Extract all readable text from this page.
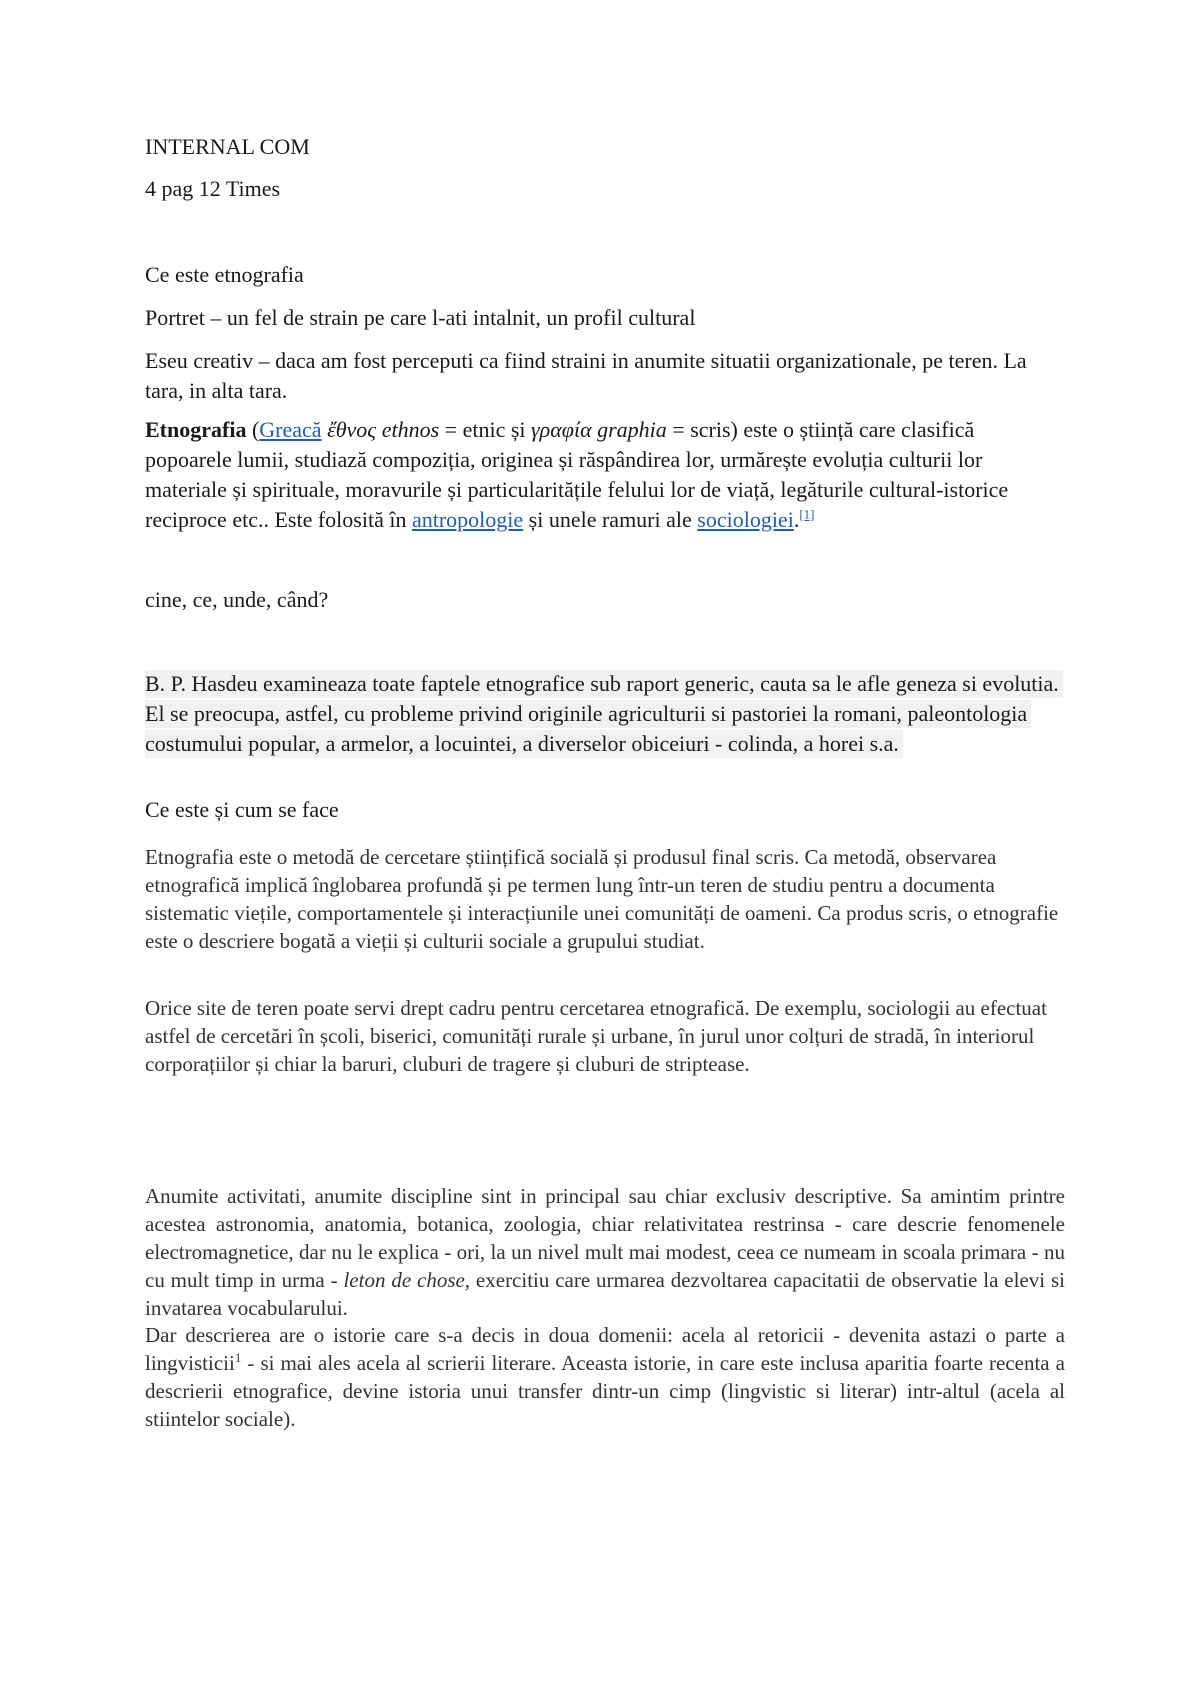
INTERNAL COM

4 pag 12 Times

Ce este etnografia

Portret – un fel de strain pe care l-ati intalnit, un profil cultural

Eseu creativ – daca am fost perceputi ca fiind straini in anumite situatii organizationale, pe teren. La tara, in alta tara.

Etnografia (Greacă ἔθνος ethnos = etnic și γραφία graphia = scris) este o știință care clasifică popoarele lumii, studiază compoziția, originea și răspândirea lor, urmărește evoluția culturii lor materiale și spirituale, moravurile și particularitățile felului lor de viață, legăturile cultural-istorice reciproce etc.. Este folosită în antropologie și unele ramuri ale sociologiei.[1]

cine, ce, unde, când?

B. P. Hasdeu examineaza toate faptele etnografice sub raport generic, cauta sa le afle geneza si evolutia. El se preocupa, astfel, cu probleme privind originile agriculturii si pastoriei la romani, paleontologia costumului popular, a armelor, a locuintei, a diverselor obiceiuri - colinda, a horei s.a.

Ce este și cum se face

Etnografia este o metodă de cercetare științifică socială și produsul final scris. Ca metodă, observarea etnografică implică înglobarea profundă și pe termen lung într-un teren de studiu pentru a documenta sistematic viețile, comportamentele și interacțiunile unei comunități de oameni. Ca produs scris, o etnografie este o descriere bogată a vieții și culturii sociale a grupului studiat.

Orice site de teren poate servi drept cadru pentru cercetarea etnografică. De exemplu, sociologii au efectuat astfel de cercetări în școli, biserici, comunități rurale și urbane, în jurul unor colțuri de stradă, în interiorul corporațiilor și chiar la baruri, cluburi de tragere și cluburi de striptease.

Anumite activitati, anumite discipline sint in principal sau chiar exclusiv descriptive. Sa amintim printre acestea astronomia, anatomia, botanica, zoologia, chiar relativitatea restrinsa - care descrie fenomenele electromagnetice, dar nu le explica - ori, la un nivel mult mai modest, ceea ce numeam in scoala primara - nu cu mult timp in urma - leton de chose, exercitiu care urmarea dezvoltarea capacitatii de observatie la elevi si invatarea vocabularului.

Dar descrierea are o istorie care s-a decis in doua domenii: acela al retoricii - devenita astazi o parte a lingvisticii$^1$ - si mai ales acela al scrierii literare. Aceasta istorie, in care este inclusa aparitia foarte recenta a descrierii etnografice, devine istoria unui transfer dintr-un cimp (lingvistic si literar) intr-altul (acela al stiintelor sociale).
